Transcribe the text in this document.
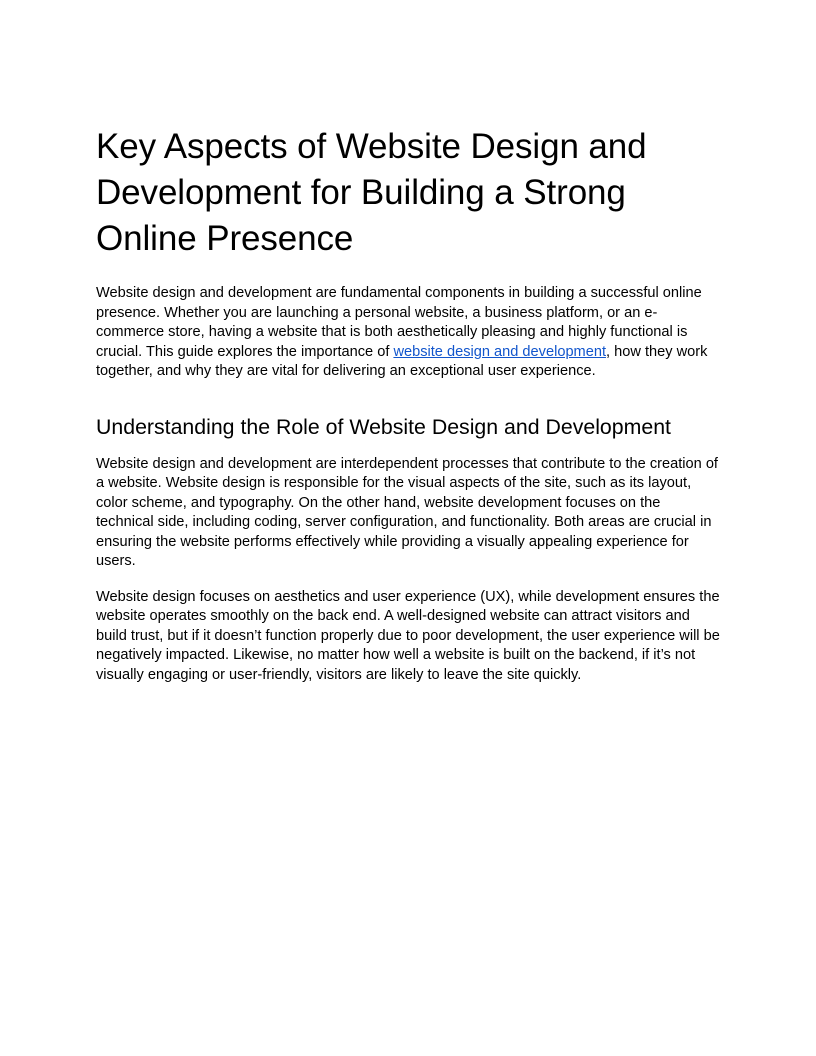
Key Aspects of Website Design and Development for Building a Strong Online Presence

Website design and development are fundamental components in building a successful online presence. Whether you are launching a personal website, a business platform, or an e-commerce store, having a website that is both aesthetically pleasing and highly functional is crucial. This guide explores the importance of website design and development, how they work together, and why they are vital for delivering an exceptional user experience.

Understanding the Role of Website Design and Development

Website design and development are interdependent processes that contribute to the creation of a website. Website design is responsible for the visual aspects of the site, such as its layout, color scheme, and typography. On the other hand, website development focuses on the technical side, including coding, server configuration, and functionality. Both areas are crucial in ensuring the website performs effectively while providing a visually appealing experience for users.

Website design focuses on aesthetics and user experience (UX), while development ensures the website operates smoothly on the back end. A well-designed website can attract visitors and build trust, but if it doesn’t function properly due to poor development, the user experience will be negatively impacted. Likewise, no matter how well a website is built on the backend, if it’s not visually engaging or user-friendly, visitors are likely to leave the site quickly.
